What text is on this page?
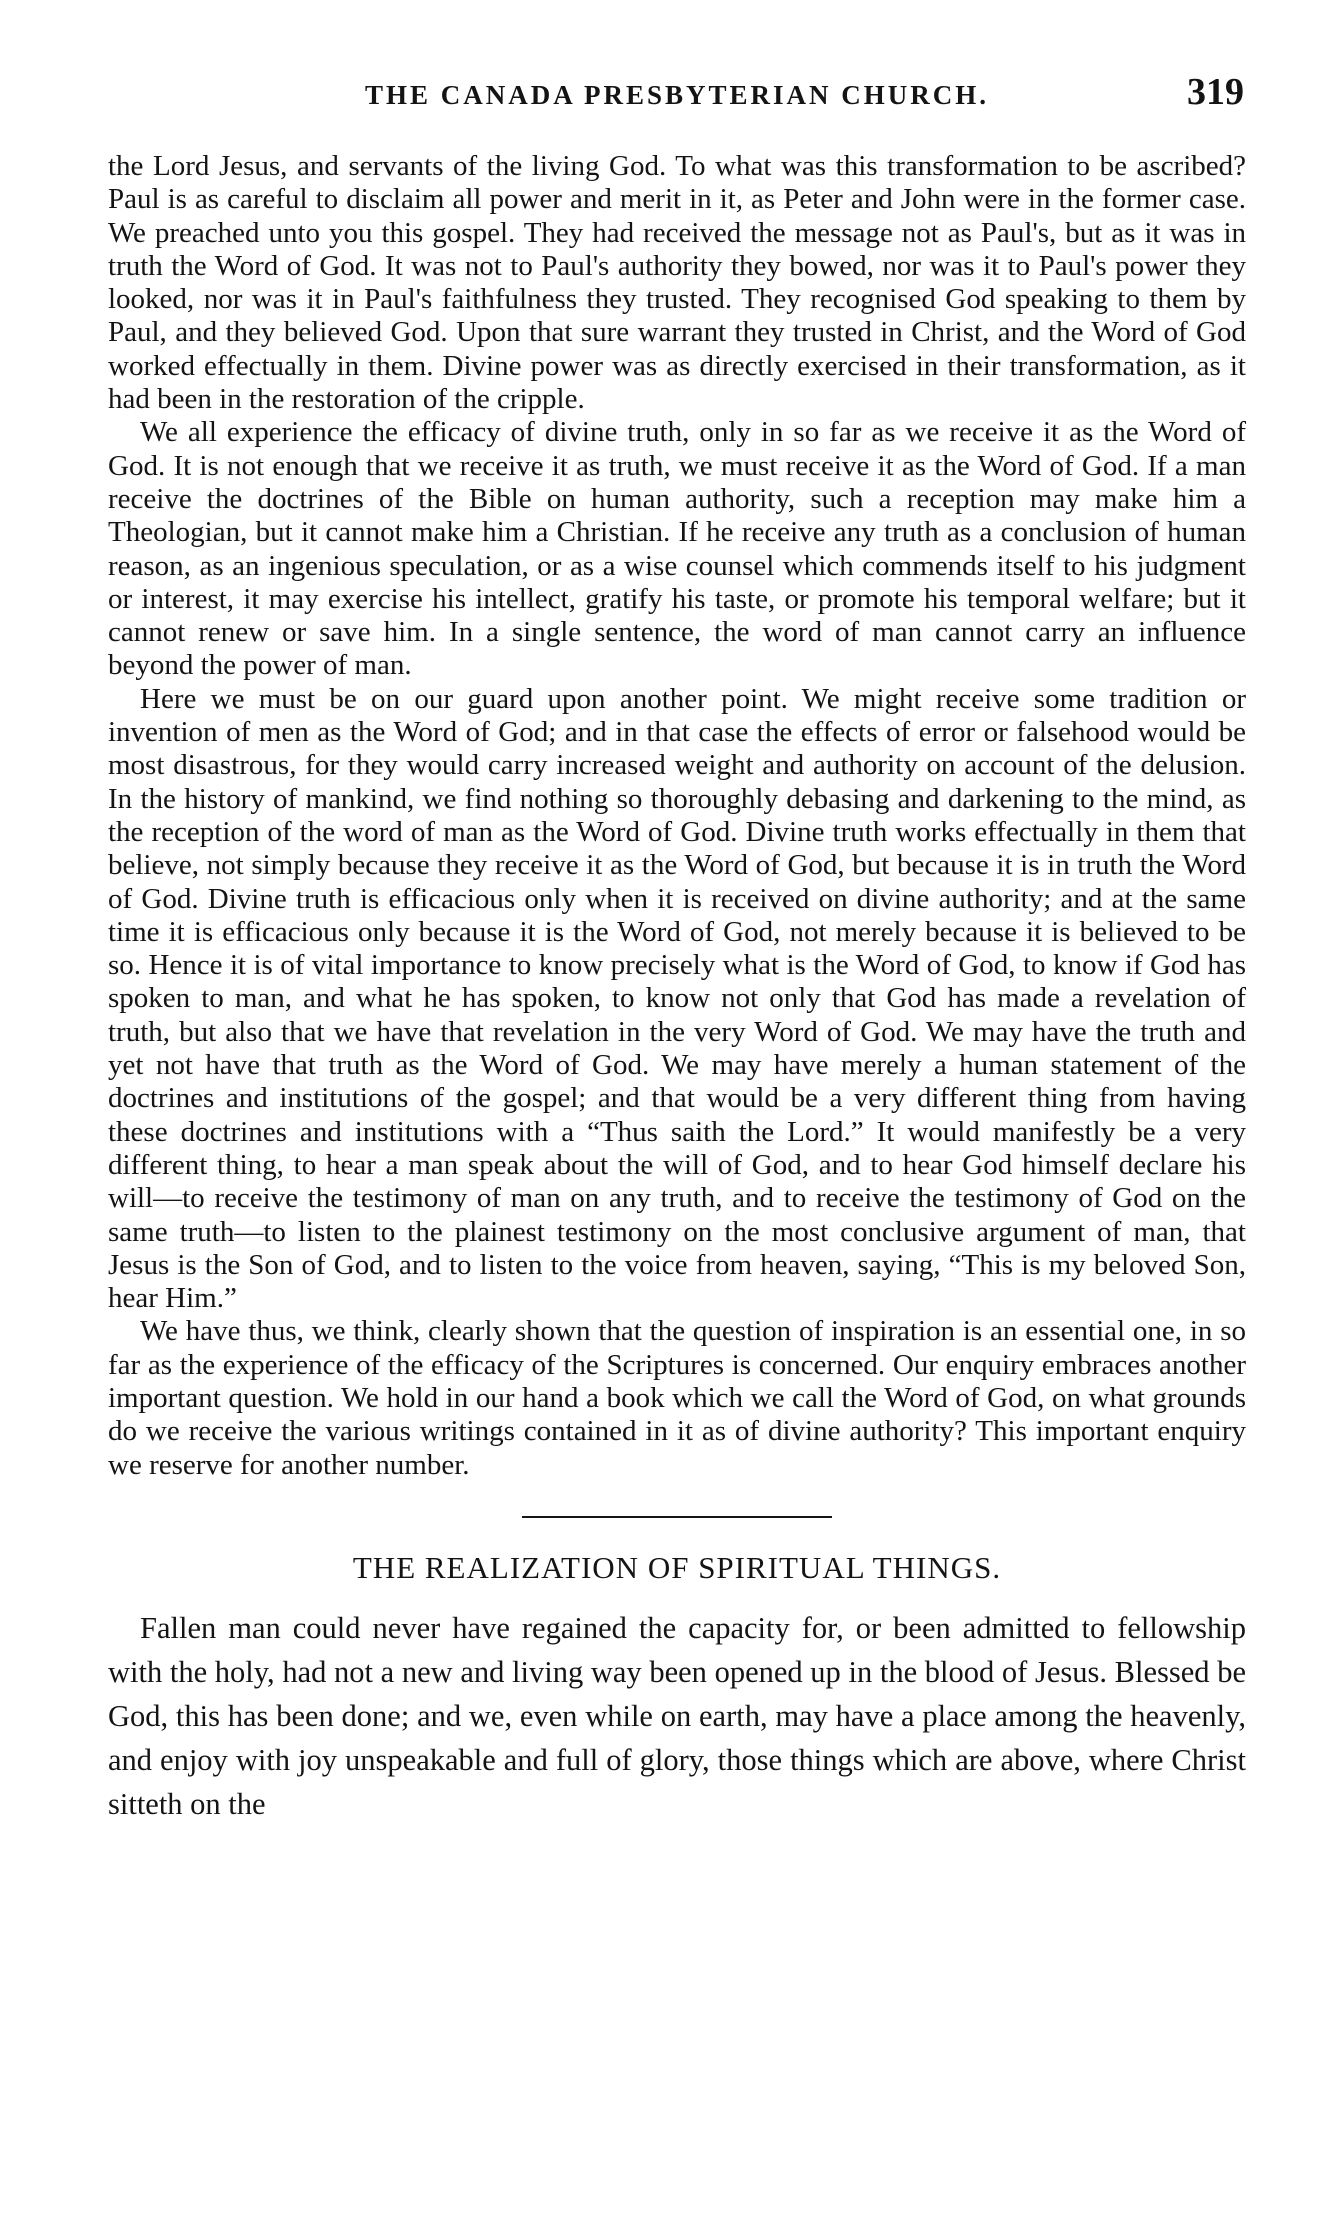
THE CANADA PRESBYTERIAN CHURCH.	319

the Lord Jesus, and servants of the living God. To what was this transformation to be ascribed? Paul is as careful to disclaim all power and merit in it, as Peter and John were in the former case. We preached unto you this gospel. They had received the message not as Paul's, but as it was in truth the Word of God. It was not to Paul's authority they bowed, nor was it to Paul's power they looked, nor was it in Paul's faithfulness they trusted. They recognised God speaking to them by Paul, and they believed God. Upon that sure warrant they trusted in Christ, and the Word of God worked effectually in them. Divine power was as directly exercised in their transformation, as it had been in the restoration of the cripple.

We all experience the efficacy of divine truth, only in so far as we receive it as the Word of God. It is not enough that we receive it as truth, we must receive it as the Word of God. If a man receive the doctrines of the Bible on human authority, such a reception may make him a Theologian, but it cannot make him a Christian. If he receive any truth as a conclusion of human reason, as an ingenious speculation, or as a wise counsel which commends itself to his judgment or interest, it may exercise his intellect, gratify his taste, or promote his temporal welfare; but it cannot renew or save him. In a single sentence, the word of man cannot carry an influence beyond the power of man.

Here we must be on our guard upon another point. We might receive some tradition or invention of men as the Word of God; and in that case the effects of error or falsehood would be most disastrous, for they would carry increased weight and authority on account of the delusion. In the history of mankind, we find nothing so thoroughly debasing and darkening to the mind, as the reception of the word of man as the Word of God. Divine truth works effectually in them that believe, not simply because they receive it as the Word of God, but because it is in truth the Word of God. Divine truth is efficacious only when it is received on divine authority; and at the same time it is efficacious only because it is the Word of God, not merely because it is believed to be so. Hence it is of vital importance to know precisely what is the Word of God, to know if God has spoken to man, and what he has spoken, to know not only that God has made a revelation of truth, but also that we have that revelation in the very Word of God. We may have the truth and yet not have that truth as the Word of God. We may have merely a human statement of the doctrines and institutions of the gospel; and that would be a very different thing from having these doctrines and institutions with a “Thus saith the Lord.” It would manifestly be a very different thing, to hear a man speak about the will of God, and to hear God himself declare his will—to receive the testimony of man on any truth, and to receive the testimony of God on the same truth—to listen to the plainest testimony on the most conclusive argument of man, that Jesus is the Son of God, and to listen to the voice from heaven, saying, “This is my beloved Son, hear Him.”

We have thus, we think, clearly shown that the question of inspiration is an essential one, in so far as the experience of the efficacy of the Scriptures is concerned. Our enquiry embraces another important question. We hold in our hand a book which we call the Word of God, on what grounds do we receive the various writings contained in it as of divine authority? This important enquiry we reserve for another number.

THE REALIZATION OF SPIRITUAL THINGS.

Fallen man could never have regained the capacity for, or been admitted to fellowship with the holy, had not a new and living way been opened up in the blood of Jesus. Blessed be God, this has been done; and we, even while on earth, may have a place among the heavenly, and enjoy with joy unspeakable and full of glory, those things which are above, where Christ sitteth on the
